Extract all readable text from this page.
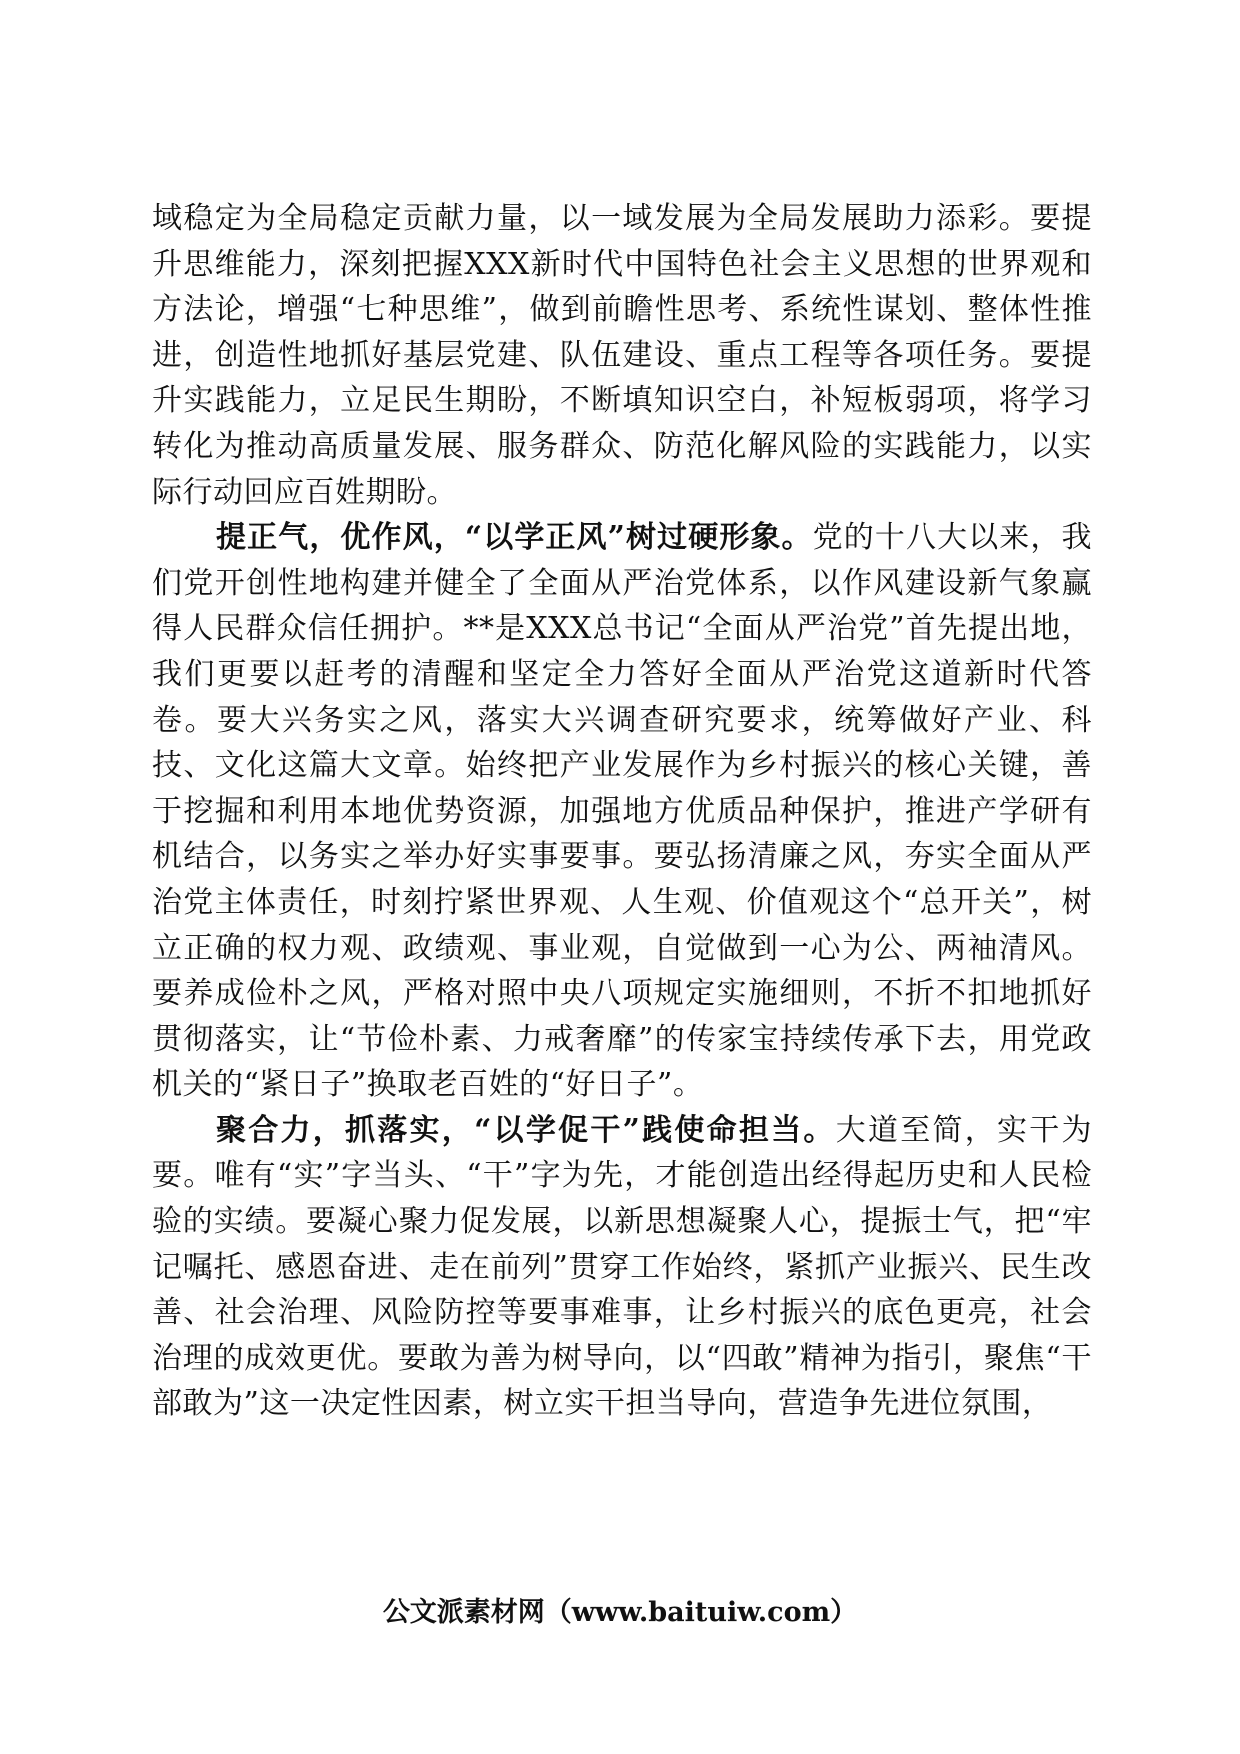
域稳定为全局稳定贡献力量，以一域发展为全局发展助力添彩。要提升思维能力，深刻把握XXX新时代中国特色社会主义思想的世界观和方法论，增强“七种思维”，做到前瞻性思考、系统性谋划、整体性推进，创造性地抓好基层党建、队伍建设、重点工程等各项任务。要提升实践能力，立足民生期盼，不断填知识空白，补短板弱项，将学习转化为推动高质量发展、服务群众、防范化解风险的实践能力，以实际行动回应百姓期盼。

提正气，优作风，“以学正风”树过硬形象。党的十八大以来，我们党开创性地构建并健全了全面从严治党体系，以作风建设新气象赢得人民群众信任拥护。**是XXX总书记“全面从严治党”首先提出地，我们更要以赶考的清醒和坚定全力答好全面从严治党这道新时代答卷。要大兴务实之风，落实大兴调查研究要求，统筹做好产业、科技、文化这篇大文章。始终把产业发展作为乡村振兴的核心关键，善于挖掘和利用本地优势资源，加强地方优质品种保护，推进产学研有机结合，以务实之举办好实事要事。要弘扬清廉之风，夯实全面从严治党主体责任，时刻拧紧世界观、人生观、价值观这个“总开关”，树立正确的权力观、政绩观、事业观，自觉做到一心为公、两袖清风。要养成俭朴之风，严格对照中央八项规定实施细则，不折不扣地抓好贯彻落实，让“节俭朴素、力戒奢靡”的传家宝持续传承下去，用党政机关的“紧日子”换取老百姓的“好日子”。

聚合力，抓落实，“以学促干”践使命担当。大道至简，实干为要。唯有“实”字当头、“干”字为先，才能创造出经得起历史和人民检验的实绩。要凝心聚力促发展，以新思想凝聚人心，提振士气，把“牢记嘱托、感恩奋进、走在前列”贯穿工作始终，紧抓产业振兴、民生改善、社会治理、风险防控等要事难事，让乡村振兴的底色更亮，社会治理的成效更优。要敢为善为树导向，以“四敢”精神为指引，聚焦“干部敢为”这一决定性因素，树立实干担当导向，营造争先进位氛围，

公文派素材网（www.baituiw.com）
